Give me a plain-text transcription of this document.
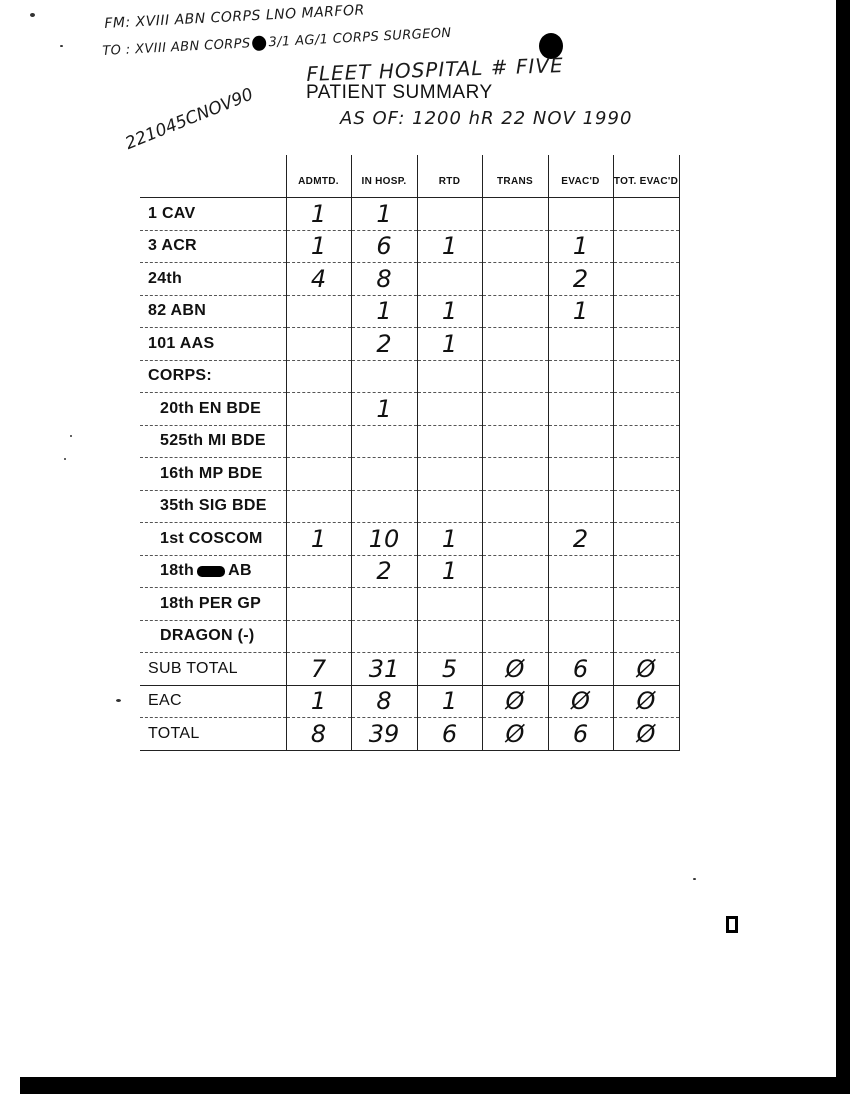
FM: XVIII ABN CORPS LNO MARFOR
TO : XVIII ABN CORPS 3/1 AG/1 CORPS SURGEON
FLEET HOSPITAL # FIVE
PATIENT SUMMARY
AS OF: 1200 hR 22 NOV 1990
221045CNOV90
	ADMTD.	IN HOSP.	RTD	TRANS	EVAC'D	TOT. EVAC'D
1 CAV	1	1				
3 ACR	1	6	1		1	
24th	4	8			2	
82 ABN		1	1		1	
101 AAS		2	1			
CORPS:						
20th EN BDE		1				
525th MI BDE						
16th MP BDE						
35th SIG BDE						
1st COSCOM	1	10	1		2	
18th AB		2	1			
18th PER GP						
DRAGON (-)						
SUB TOTAL	7	31	5	Ø	6	Ø
EAC	1	8	1	Ø	Ø	Ø
TOTAL	8	39	6	Ø	6	Ø
